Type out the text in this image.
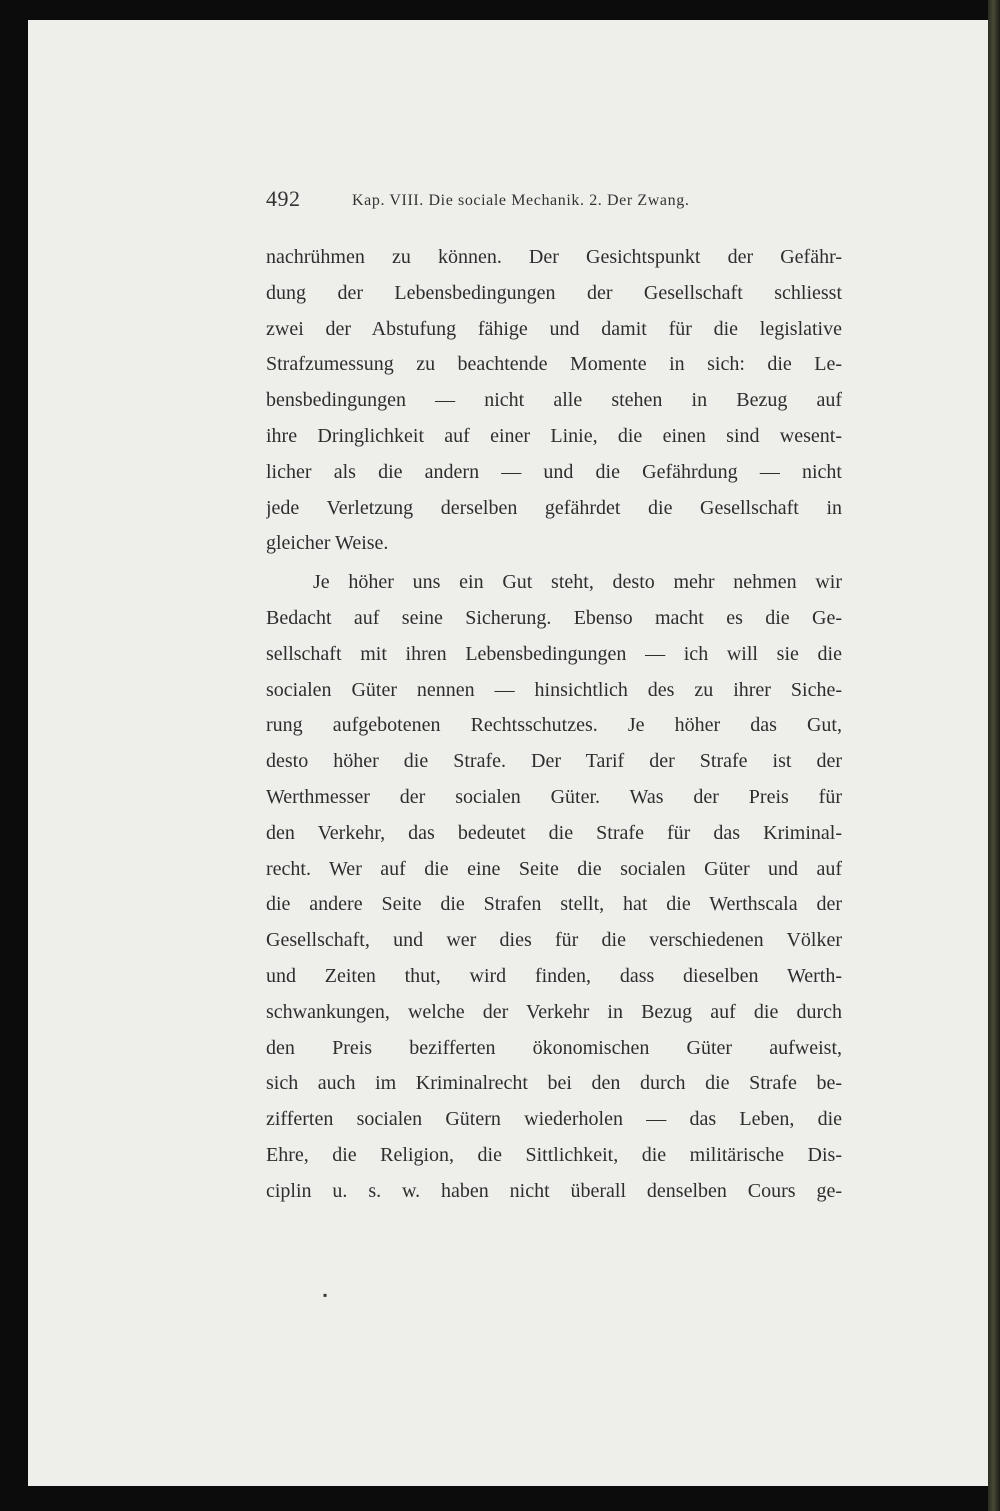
492	Kap. VIII. Die sociale Mechanik. 2. Der Zwang.
nachrühmen zu können. Der Gesichtspunkt der Gefähr-
dung der Lebensbedingungen der Gesellschaft schliesst
zwei der Abstufung fähige und damit für die legislative
Strafzumessung zu beachtende Momente in sich: die Le-
bensbedingungen — nicht alle stehen in Bezug auf
ihre Dringlichkeit auf einer Linie, die einen sind wesent-
licher als die andern — und die Gefährdung — nicht
jede Verletzung derselben gefährdet die Gesellschaft in
gleicher Weise.
Je höher uns ein Gut steht, desto mehr nehmen wir
Bedacht auf seine Sicherung. Ebenso macht es die Ge-
sellschaft mit ihren Lebensbedingungen — ich will sie die
socialen Güter nennen — hinsichtlich des zu ihrer Siche-
rung aufgebotenen Rechtsschutzes. Je höher das Gut,
desto höher die Strafe. Der Tarif der Strafe ist der
Werthmesser der socialen Güter. Was der Preis für
den Verkehr, das bedeutet die Strafe für das Kriminal-
recht. Wer auf die eine Seite die socialen Güter und auf
die andere Seite die Strafen stellt, hat die Werthscala der
Gesellschaft, und wer dies für die verschiedenen Völker
und Zeiten thut, wird finden, dass dieselben Werth-
schwankungen, welche der Verkehr in Bezug auf die durch
den Preis bezifferten ökonomischen Güter aufweist,
sich auch im Kriminalrecht bei den durch die Strafe be-
zifferten socialen Gütern wiederholen — das Leben, die
Ehre, die Religion, die Sittlichkeit, die militärische Dis-
ciplin u. s. w. haben nicht überall denselben Cours ge-
▪
